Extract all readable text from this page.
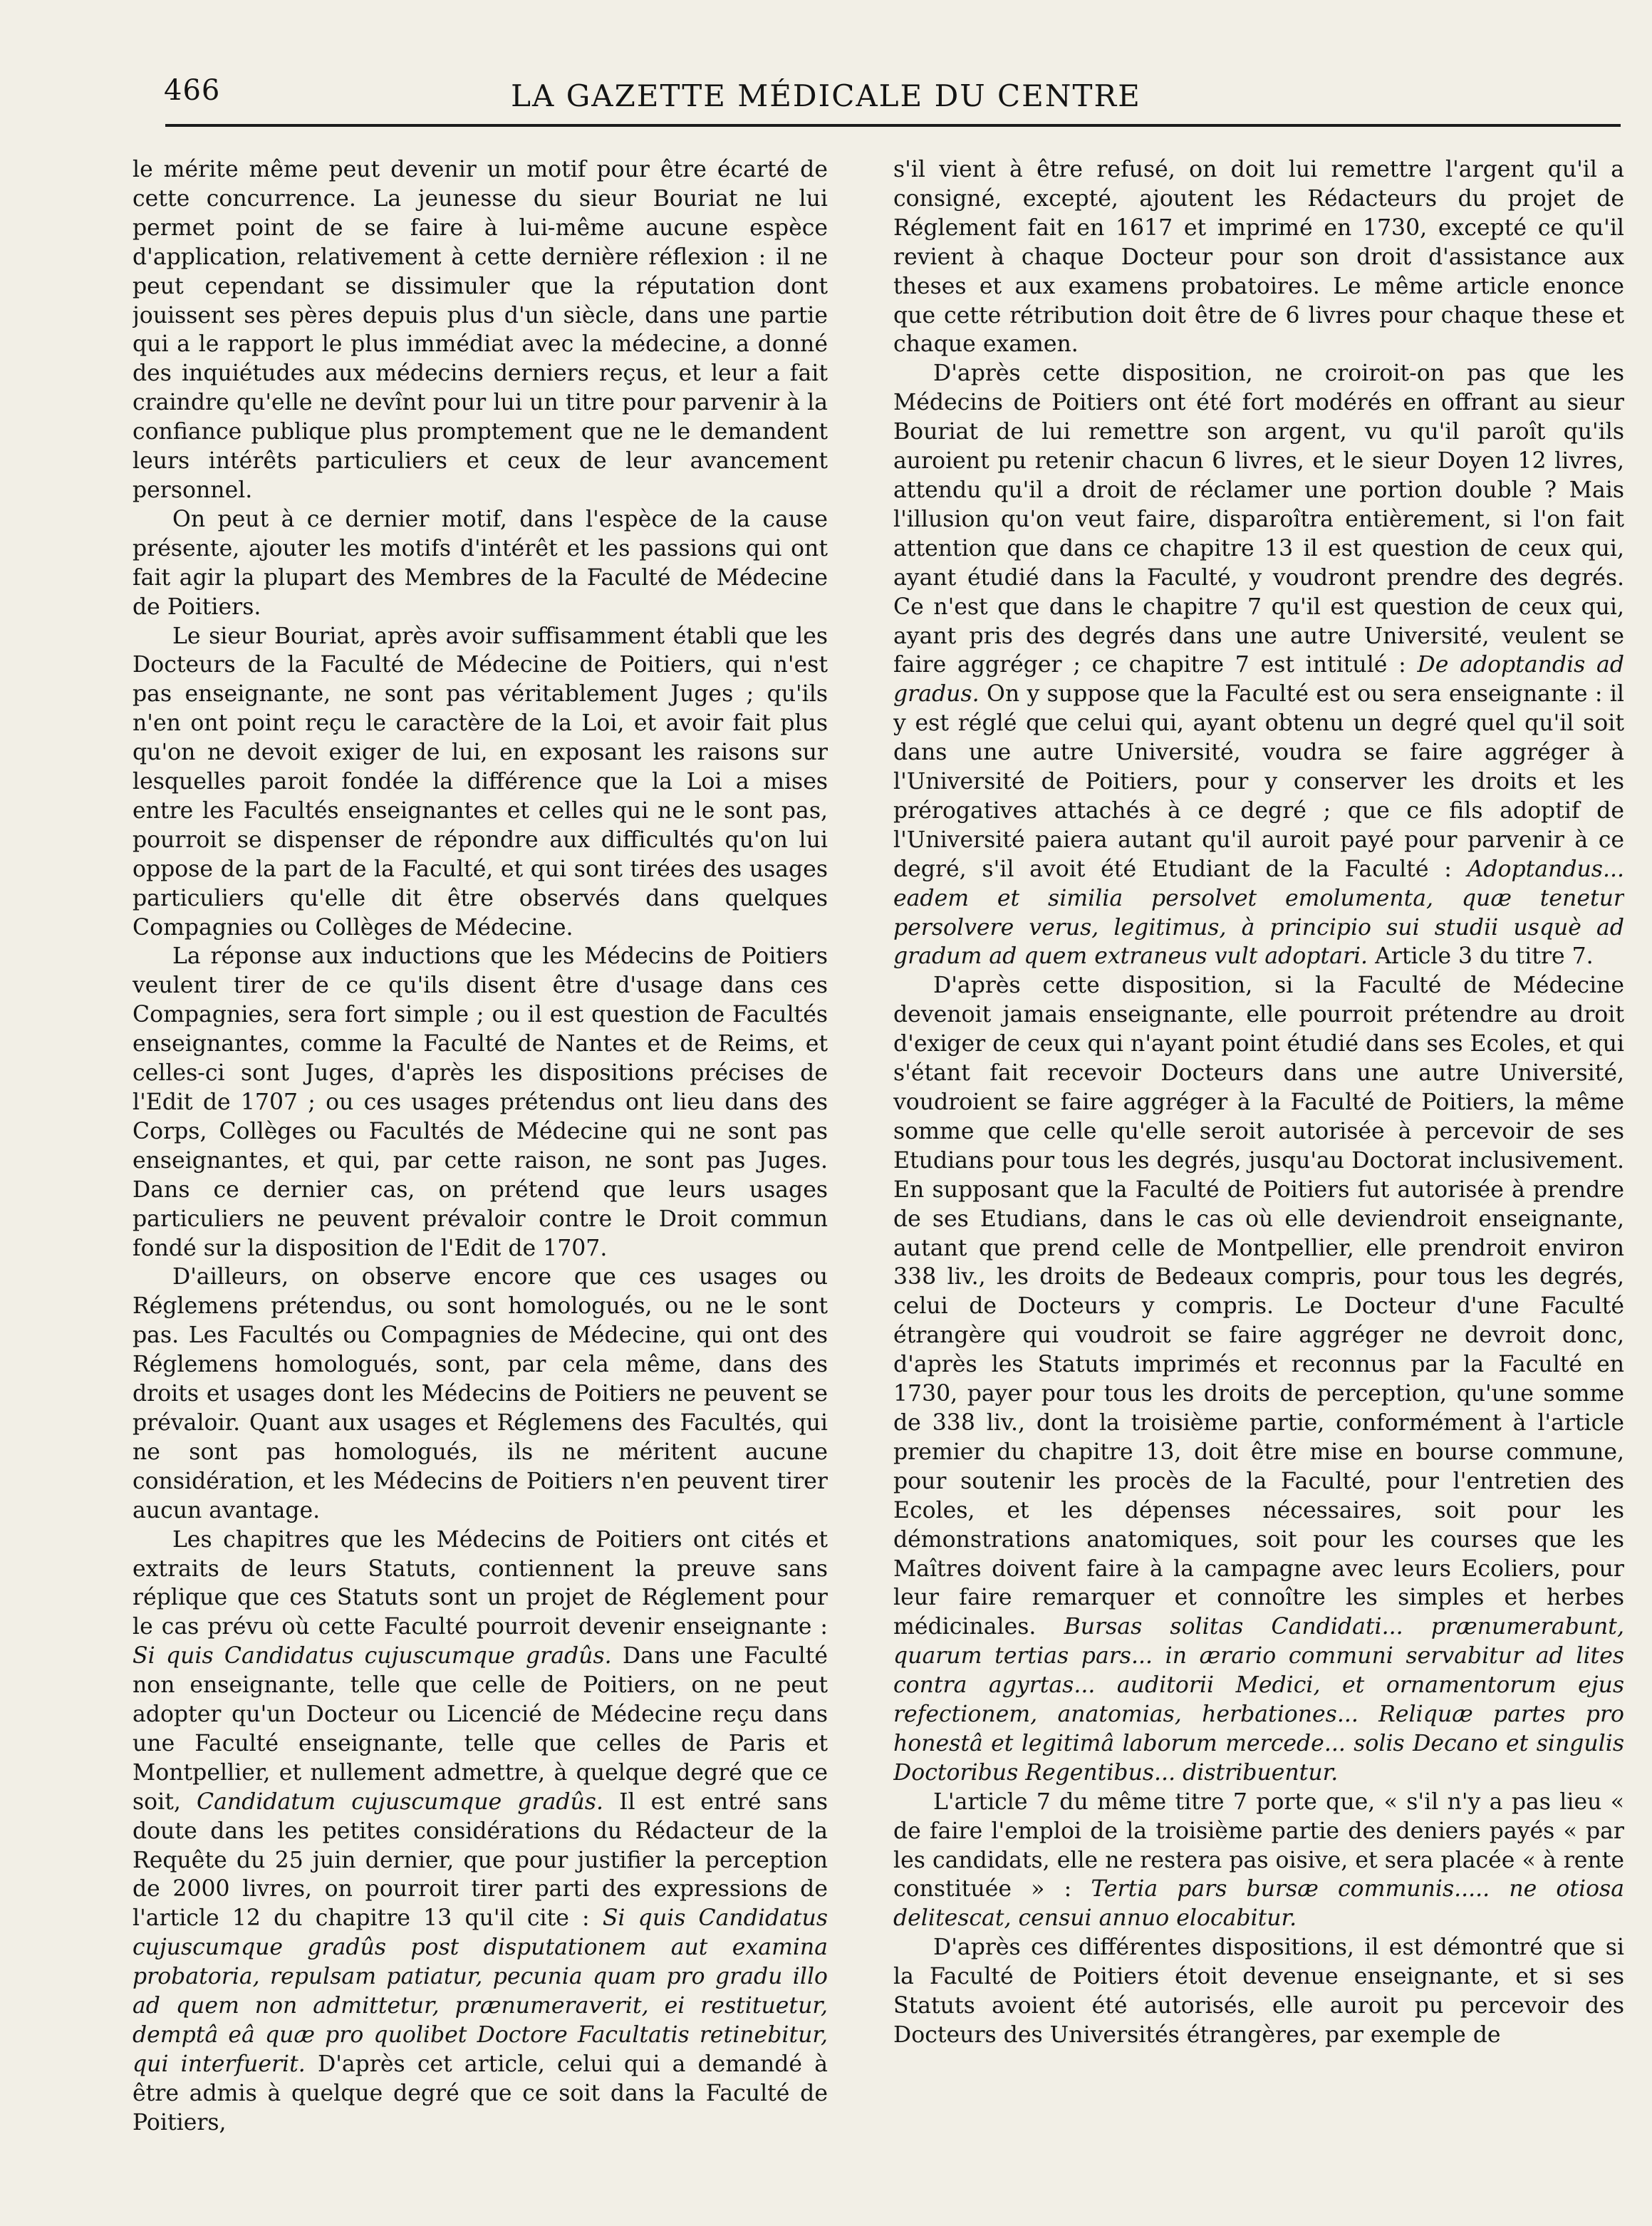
466	LA GAZETTE MÉDICALE DU CENTRE

le mérite même peut devenir un motif pour être écarté de cette concurrence. La jeunesse du sieur Bouriat ne lui permet point de se faire à lui-même aucune espèce d'application, relativement à cette dernière réflexion : il ne peut cependant se dissimuler que la réputation dont jouissent ses pères depuis plus d'un siècle, dans une partie qui a le rapport le plus immédiat avec la médecine, a donné des inquiétudes aux médecins derniers reçus, et leur a fait craindre qu'elle ne devînt pour lui un titre pour parvenir à la confiance publique plus promptement que ne le demandent leurs intérêts particuliers et ceux de leur avancement personnel.

On peut à ce dernier motif, dans l'espèce de la cause présente, ajouter les motifs d'intérêt et les passions qui ont fait agir la plupart des Membres de la Faculté de Médecine de Poitiers.

Le sieur Bouriat, après avoir suffisamment établi que les Docteurs de la Faculté de Médecine de Poitiers, qui n'est pas enseignante, ne sont pas véritablement Juges ; qu'ils n'en ont point reçu le caractère de la Loi, et avoir fait plus qu'on ne devoit exiger de lui, en exposant les raisons sur lesquelles paroit fondée la différence que la Loi a mises entre les Facultés enseignantes et celles qui ne le sont pas, pourroit se dispenser de répondre aux difficultés qu'on lui oppose de la part de la Faculté, et qui sont tirées des usages particuliers qu'elle dit être observés dans quelques Compagnies ou Collèges de Médecine.

La réponse aux inductions que les Médecins de Poitiers veulent tirer de ce qu'ils disent être d'usage dans ces Compagnies, sera fort simple ; ou il est question de Facultés enseignantes, comme la Faculté de Nantes et de Reims, et celles-ci sont Juges, d'après les dispositions précises de l'Edit de 1707 ; ou ces usages prétendus ont lieu dans des Corps, Collèges ou Facultés de Médecine qui ne sont pas enseignantes, et qui, par cette raison, ne sont pas Juges. Dans ce dernier cas, on prétend que leurs usages particuliers ne peuvent prévaloir contre le Droit commun fondé sur la disposition de l'Edit de 1707.

D'ailleurs, on observe encore que ces usages ou Réglemens prétendus, ou sont homologués, ou ne le sont pas. Les Facultés ou Compagnies de Médecine, qui ont des Réglemens homologués, sont, par cela même, dans des droits et usages dont les Médecins de Poitiers ne peuvent se prévaloir. Quant aux usages et Réglemens des Facultés, qui ne sont pas homologués, ils ne méritent aucune considération, et les Médecins de Poitiers n'en peuvent tirer aucun avantage.

Les chapitres que les Médecins de Poitiers ont cités et extraits de leurs Statuts, contiennent la preuve sans réplique que ces Statuts sont un projet de Réglement pour le cas prévu où cette Faculté pourroit devenir enseignante : Si quis Candidatus cujuscumque gradûs. Dans une Faculté non enseignante, telle que celle de Poitiers, on ne peut adopter qu'un Docteur ou Licencié de Médecine reçu dans une Faculté enseignante, telle que celles de Paris et Montpellier, et nullement admettre, à quelque degré que ce soit, Candidatum cujuscumque gradûs. Il est entré sans doute dans les petites considérations du Rédacteur de la Requête du 25 juin dernier, que pour justifier la perception de 2000 livres, on pourroit tirer parti des expressions de l'article 12 du chapitre 13 qu'il cite : Si quis Candidatus cujuscumque gradûs post disputationem aut examina probatoria, repulsam patiatur, pecunia quam pro gradu illo ad quem non admittetur, prænumeraverit, ei restituetur, demptâ eâ quæ pro quolibet Doctore Facultatis retinebitur, qui interfuerit. D'après cet article, celui qui a demandé à être admis à quelque degré que ce soit dans la Faculté de Poitiers,

s'il vient à être refusé, on doit lui remettre l'argent qu'il a consigné, excepté, ajoutent les Rédacteurs du projet de Réglement fait en 1617 et imprimé en 1730, excepté ce qu'il revient à chaque Docteur pour son droit d'assistance aux theses et aux examens probatoires. Le même article enonce que cette rétribution doit être de 6 livres pour chaque these et chaque examen.

D'après cette disposition, ne croiroit-on pas que les Médecins de Poitiers ont été fort modérés en offrant au sieur Bouriat de lui remettre son argent, vu qu'il paroît qu'ils auroient pu retenir chacun 6 livres, et le sieur Doyen 12 livres, attendu qu'il a droit de réclamer une portion double ? Mais l'illusion qu'on veut faire, disparoîtra entièrement, si l'on fait attention que dans ce chapitre 13 il est question de ceux qui, ayant étudié dans la Faculté, y voudront prendre des degrés. Ce n'est que dans le chapitre 7 qu'il est question de ceux qui, ayant pris des degrés dans une autre Université, veulent se faire aggréger ; ce chapitre 7 est intitulé : De adoptandis ad gradus. On y suppose que la Faculté est ou sera enseignante : il y est réglé que celui qui, ayant obtenu un degré quel qu'il soit dans une autre Université, voudra se faire aggréger à l'Université de Poitiers, pour y conserver les droits et les prérogatives attachés à ce degré ; que ce fils adoptif de l'Université paiera autant qu'il auroit payé pour parvenir à ce degré, s'il avoit été Etudiant de la Faculté : Adoptandus... eadem et similia persolvet emolumenta, quæ tenetur persolvere verus, legitimus, à principio sui studii usquè ad gradum ad quem extraneus vult adoptari. Article 3 du titre 7.

D'après cette disposition, si la Faculté de Médecine devenoit jamais enseignante, elle pourroit prétendre au droit d'exiger de ceux qui n'ayant point étudié dans ses Ecoles, et qui s'étant fait recevoir Docteurs dans une autre Université, voudroient se faire aggréger à la Faculté de Poitiers, la même somme que celle qu'elle seroit autorisée à percevoir de ses Etudians pour tous les degrés, jusqu'au Doctorat inclusivement. En supposant que la Faculté de Poitiers fut autorisée à prendre de ses Etudians, dans le cas où elle deviendroit enseignante, autant que prend celle de Montpellier, elle prendroit environ 338 liv., les droits de Bedeaux compris, pour tous les degrés, celui de Docteurs y compris. Le Docteur d'une Faculté étrangère qui voudroit se faire aggréger ne devroit donc, d'après les Statuts imprimés et reconnus par la Faculté en 1730, payer pour tous les droits de perception, qu'une somme de 338 liv., dont la troisième partie, conformément à l'article premier du chapitre 13, doit être mise en bourse commune, pour soutenir les procès de la Faculté, pour l'entretien des Ecoles, et les dépenses nécessaires, soit pour les démonstrations anatomiques, soit pour les courses que les Maîtres doivent faire à la campagne avec leurs Ecoliers, pour leur faire remarquer et connoître les simples et herbes médicinales. Bursas solitas Candidati... prænumerabunt, quarum tertias pars... in ærario communi servabitur ad lites contra agyrtas... auditorii Medici, et ornamentorum ejus refectionem, anatomias, herbationes... Reliquæ partes pro honestâ et legitimâ laborum mercede... solis Decano et singulis Doctoribus Regentibus... distribuentur.

L'article 7 du même titre 7 porte que, « s'il n'y a pas lieu « de faire l'emploi de la troisième partie des deniers payés « par les candidats, elle ne restera pas oisive, et sera placée « à rente constituée » : Tertia pars bursæ communis..... ne otiosa delitescat, censui annuo elocabitur.

D'après ces différentes dispositions, il est démontré que si la Faculté de Poitiers étoit devenue enseignante, et si ses Statuts avoient été autorisés, elle auroit pu percevoir des Docteurs des Universités étrangères, par exemple de
